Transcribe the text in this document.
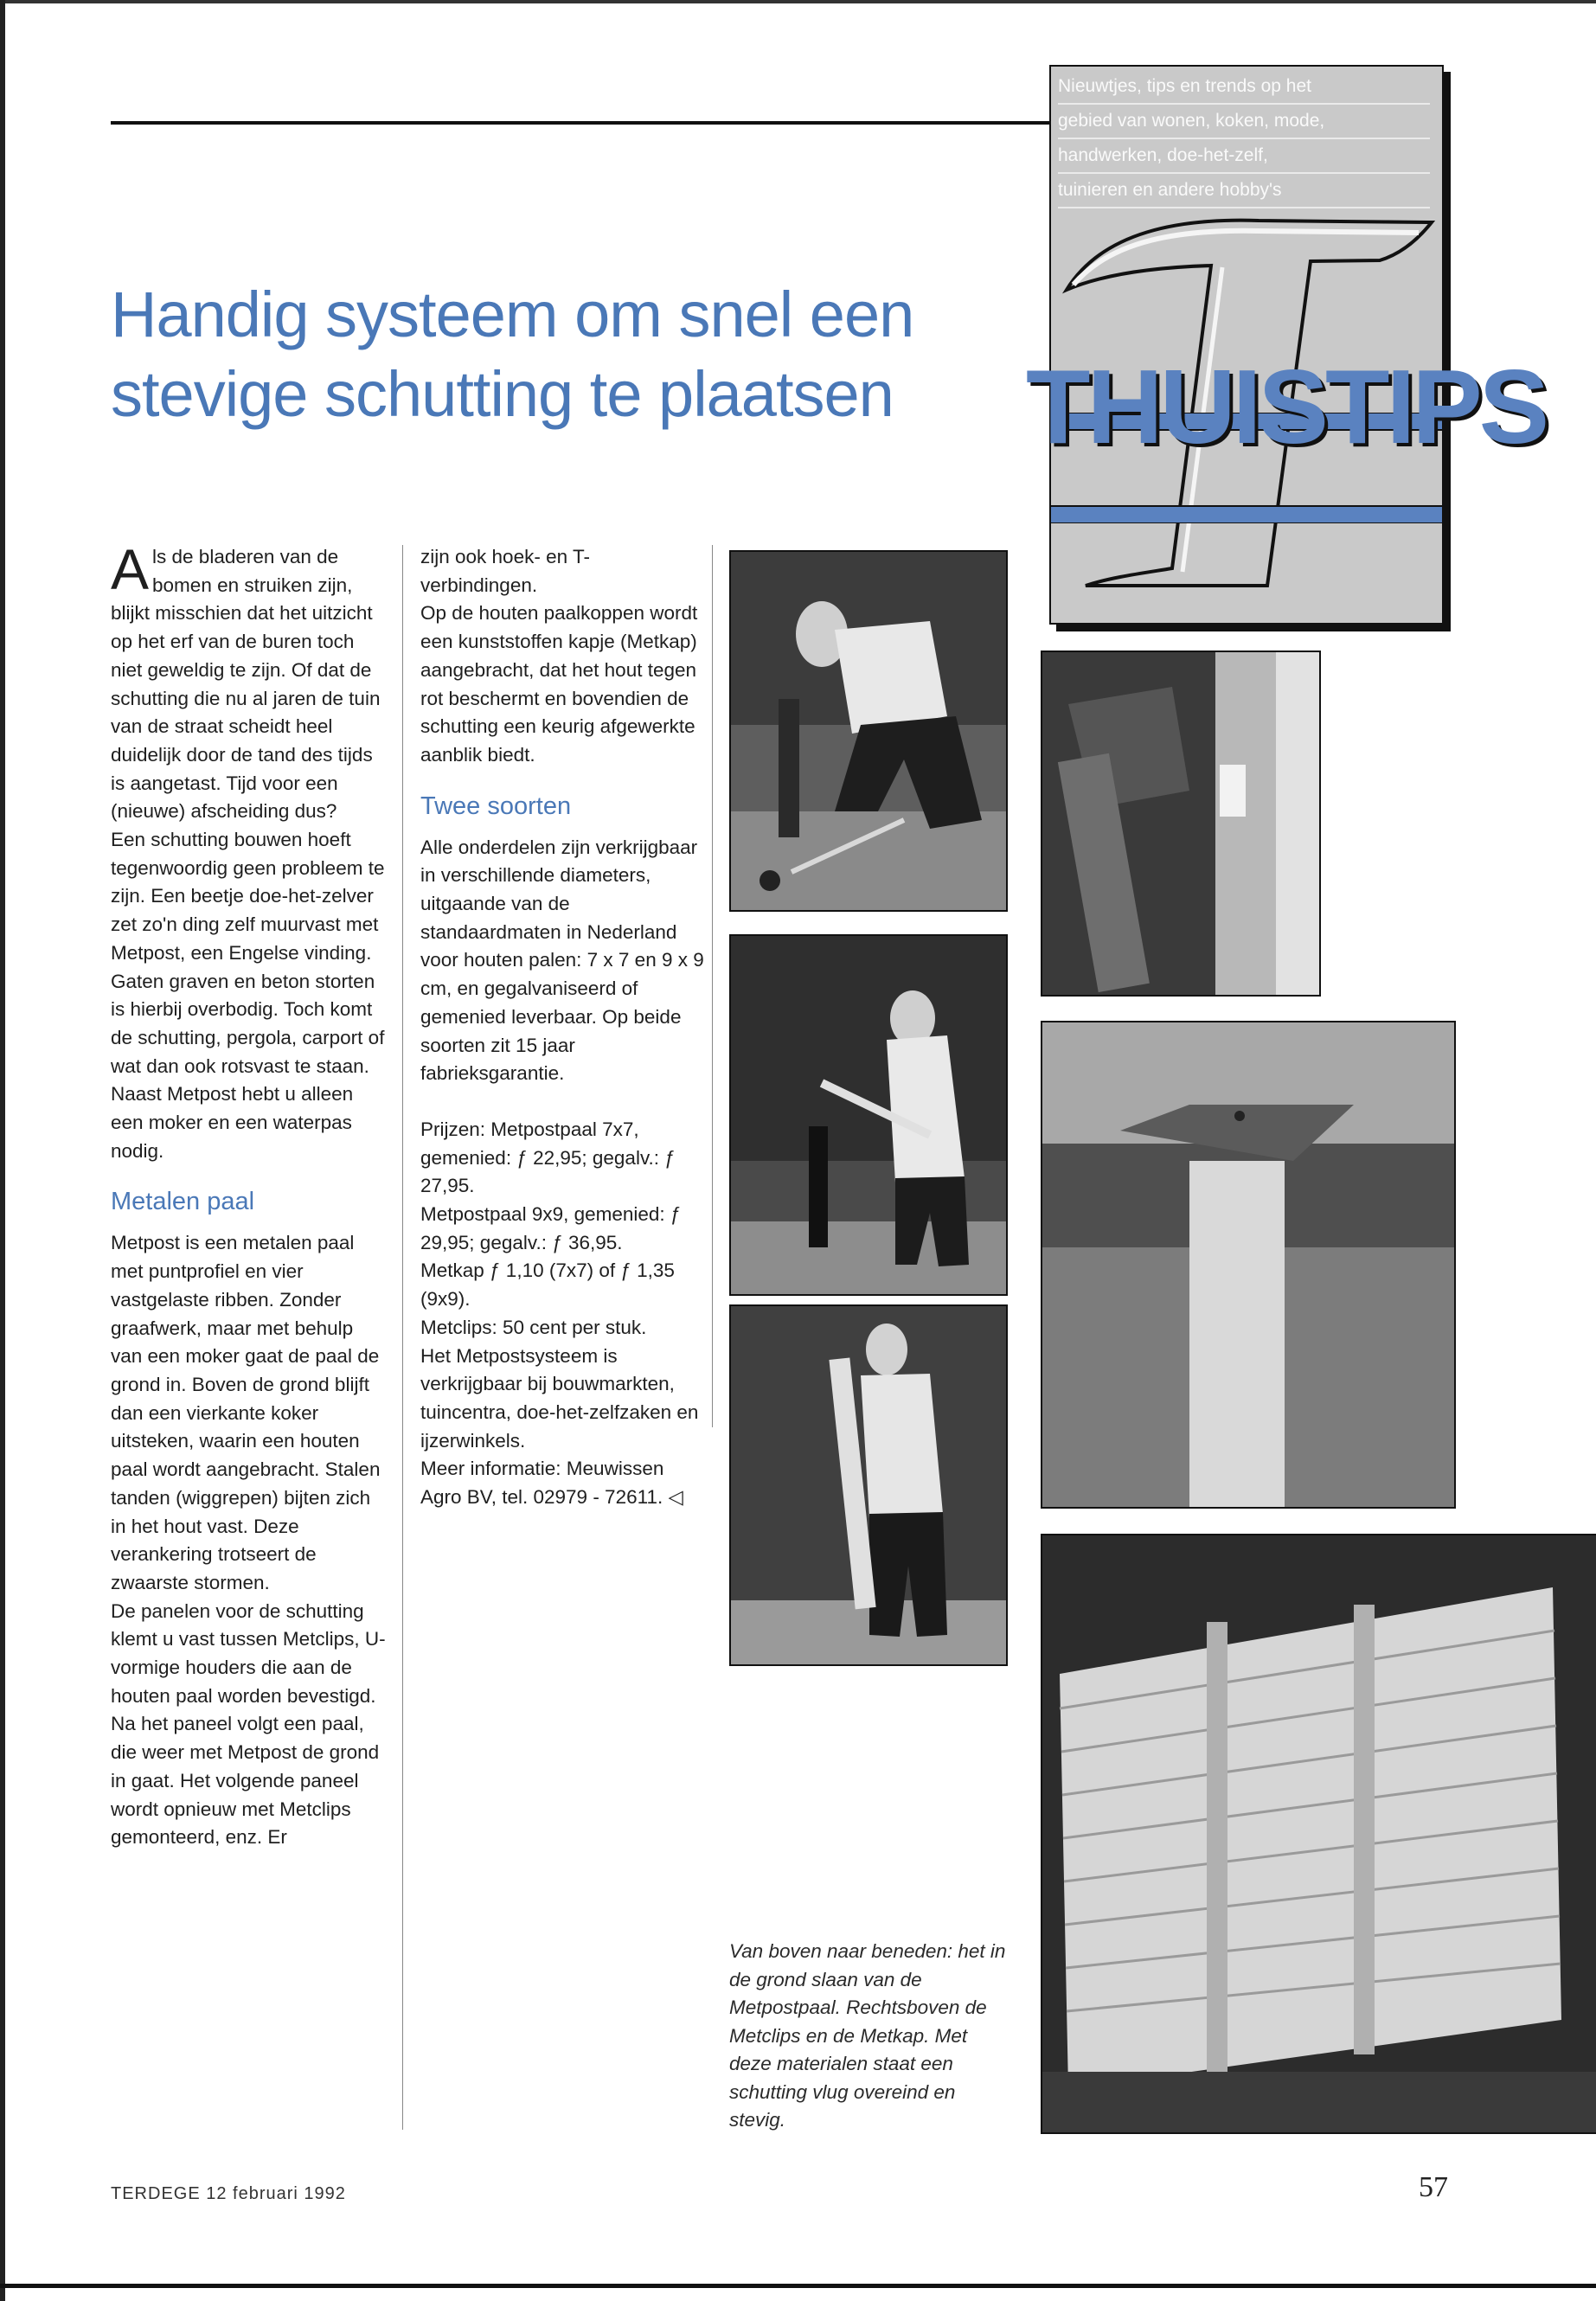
Handig systeem om snel een
stevige schutting te plaatsen
Nieuwtjes, tips en trends op het
gebied van wonen, koken, mode,
handwerken, doe-het-zelf,
tuinieren en andere hobby's
THUISTIPS

Als de bladeren van de bomen en struiken zijn, blijkt misschien dat het uitzicht op het erf van de buren toch niet geweldig te zijn. Of dat de schutting die nu al jaren de tuin van de straat scheidt heel duidelijk door de tand des tijds is aangetast. Tijd voor een (nieuwe) afscheiding dus?

Een schutting bouwen hoeft tegenwoordig geen probleem te zijn. Een beetje doe-het-zelver zet zo'n ding zelf muurvast met Metpost, een Engelse vinding. Gaten graven en beton storten is hierbij overbodig. Toch komt de schutting, pergola, carport of wat dan ook rotsvast te staan. Naast Metpost hebt u alleen een moker en een waterpas nodig.

Metalen paal

Metpost is een metalen paal met puntprofiel en vier vastgelaste ribben. Zonder graafwerk, maar met behulp van een moker gaat de paal de grond in. Boven de grond blijft dan een vierkante koker uitsteken, waarin een houten paal wordt aangebracht. Stalen tanden (wiggrepen) bijten zich in het hout vast. Deze verankering trotseert de zwaarste stormen.

De panelen voor de schutting klemt u vast tussen Metclips, U-vormige houders die aan de houten paal worden bevestigd. Na het paneel volgt een paal, die weer met Metpost de grond in gaat. Het volgende paneel wordt opnieuw met Metclips gemonteerd, enz. Er

zijn ook hoek- en T-verbindingen.

Op de houten paalkoppen wordt een kunststoffen kapje (Metkap) aangebracht, dat het hout tegen rot beschermt en bovendien de schutting een keurig afgewerkte aanblik biedt.

Twee soorten

Alle onderdelen zijn verkrijgbaar in verschillende diameters, uitgaande van de standaardmaten in Nederland voor houten palen: 7 x 7 en 9 x 9 cm, en gegalvaniseerd of gemenied leverbaar. Op beide soorten zit 15 jaar fabrieksgarantie.

Prijzen: Metpostpaal 7x7, gemenied: ƒ 22,95; gegalv.: ƒ 27,95.

Metpostpaal 9x9, gemenied: ƒ 29,95; gegalv.: ƒ 36,95.

Metkap ƒ 1,10 (7x7) of ƒ 1,35 (9x9).

Metclips: 50 cent per stuk.

Het Metpostsysteem is verkrijgbaar bij bouwmarkten, tuincentra, doe-het-zelfzaken en ijzerwinkels.

Meer informatie: Meuwissen Agro BV, tel. 02979 - 72611. ◁

Van boven naar beneden: het in de grond slaan van de Metpostpaal. Rechtsboven de Metclips en de Metkap. Met deze materialen staat een schutting vlug overeind en stevig.
TERDEGE 12 februari 1992	57
